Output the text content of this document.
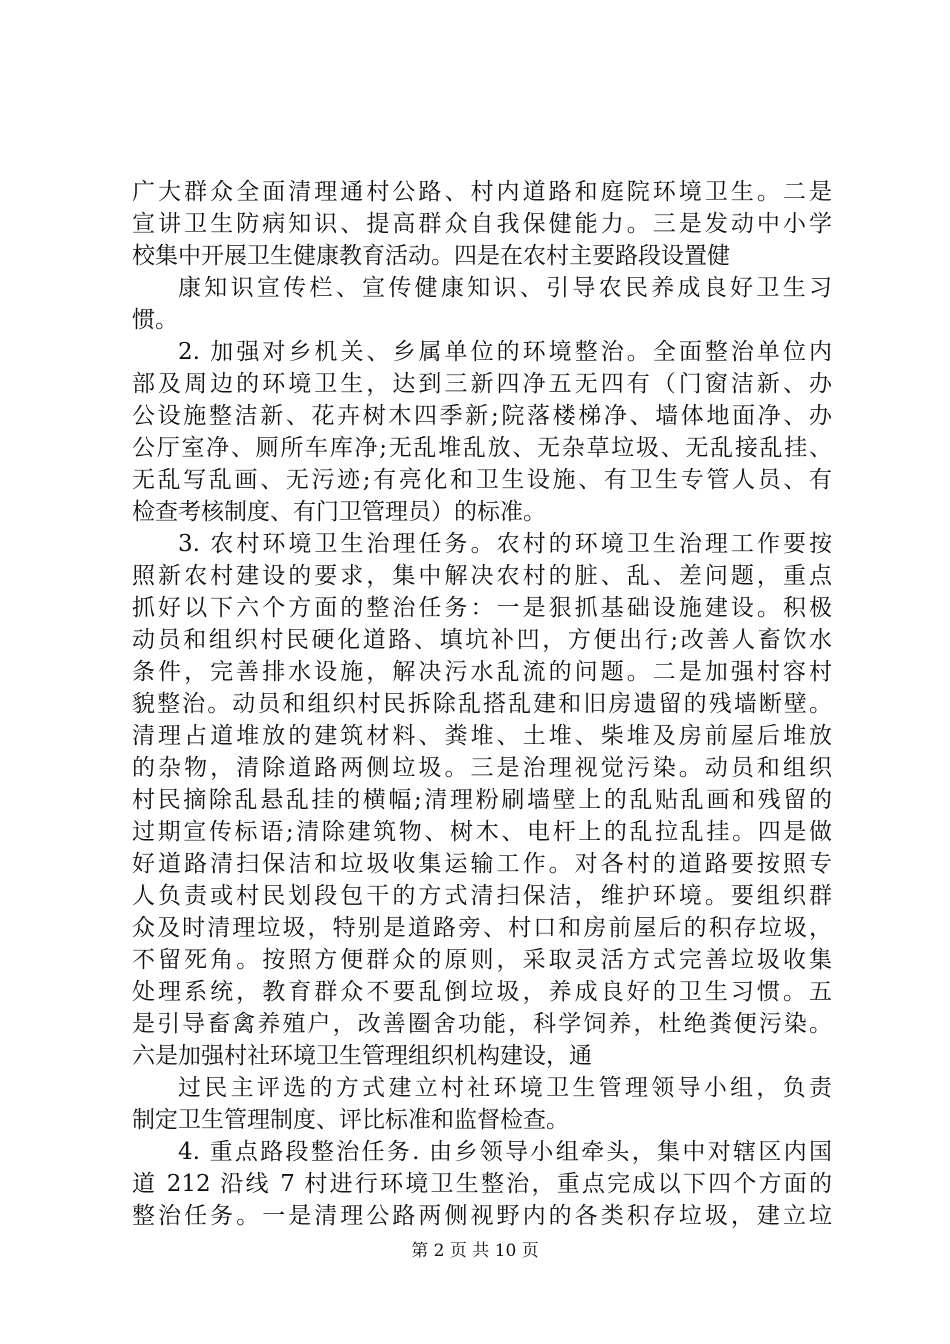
广大群众全面清理通村公路、村内道路和庭院环境卫生。二是
宣讲卫生防病知识、提高群众自我保健能力。三是发动中小学
校集中开展卫生健康教育活动。四是在农村主要路段设置健
康知识宣传栏、宣传健康知识、引导农民养成良好卫生习
惯。
2. 加强对乡机关、乡属单位的环境整治。全面整治单位内
部及周边的环境卫生，达到三新四净五无四有（门窗洁新、办
公设施整洁新、花卉树木四季新;院落楼梯净、墙体地面净、办
公厅室净、厕所车库净;无乱堆乱放、无杂草垃圾、无乱接乱挂、
无乱写乱画、无污迹;有亮化和卫生设施、有卫生专管人员、有
检查考核制度、有门卫管理员）的标准。
3. 农村环境卫生治理任务。农村的环境卫生治理工作要按
照新农村建设的要求，集中解决农村的脏、乱、差问题，重点
抓好以下六个方面的整治任务：一是狠抓基础设施建设。积极
动员和组织村民硬化道路、填坑补凹，方便出行;改善人畜饮水
条件，完善排水设施，解决污水乱流的问题。二是加强村容村
貌整治。动员和组织村民拆除乱搭乱建和旧房遗留的残墙断壁。
清理占道堆放的建筑材料、粪堆、土堆、柴堆及房前屋后堆放
的杂物，清除道路两侧垃圾。三是治理视觉污染。动员和组织
村民摘除乱悬乱挂的横幅;清理粉刷墙壁上的乱贴乱画和残留的
过期宣传标语;清除建筑物、树木、电杆上的乱拉乱挂。四是做
好道路清扫保洁和垃圾收集运输工作。对各村的道路要按照专
人负责或村民划段包干的方式清扫保洁，维护环境。要组织群
众及时清理垃圾，特别是道路旁、村口和房前屋后的积存垃圾，
不留死角。按照方便群众的原则，采取灵活方式完善垃圾收集
处理系统，教育群众不要乱倒垃圾，养成良好的卫生习惯。五
是引导畜禽养殖户，改善圈舍功能，科学饲养，杜绝粪便污染。
六是加强村社环境卫生管理组织机构建设，通
过民主评选的方式建立村社环境卫生管理领导小组，负责
制定卫生管理制度、评比标准和监督检查。
4. 重点路段整治任务. 由乡领导小组牵头，集中对辖区内国
道 212 沿线 7 村进行环境卫生整治，重点完成以下四个方面的
整治任务。一是清理公路两侧视野内的各类积存垃圾，建立垃
第 2 页 共 10 页
